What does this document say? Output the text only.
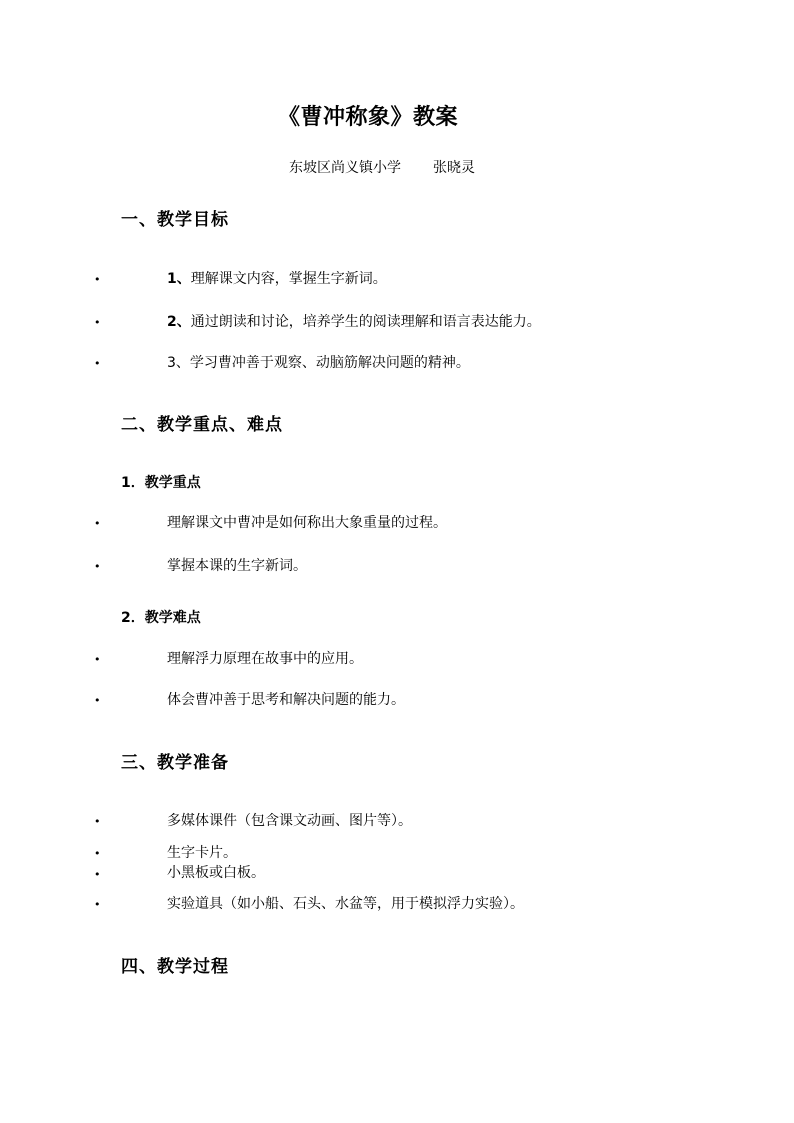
《曹冲称象》教案
东坡区尚义镇小学 张晓灵
一、教学目标
•	1、理解课文内容，掌握生字新词。
•	2、通过朗读和讨论，培养学生的阅读理解和语言表达能力。
•	3、学习曹冲善于观察、动脑筋解决问题的精神。
二、教学重点、难点
1．教学重点
•	理解课文中曹冲是如何称出大象重量的过程。
•	掌握本课的生字新词。
2．教学难点
•	理解浮力原理在故事中的应用。
•	体会曹冲善于思考和解决问题的能力。
三、教学准备
•	多媒体课件（包含课文动画、图片等）。
•	生字卡片。
•	小黑板或白板。
•	实验道具（如小船、石头、水盆等，用于模拟浮力实验）。
四、教学过程
